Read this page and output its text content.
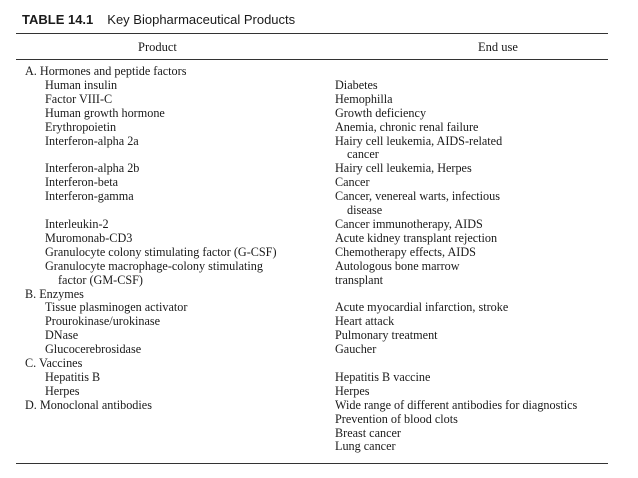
TABLE 14.1 Key Biopharmaceutical Products
Product	End use
A. Hormones and peptide factors
Human insulin	Diabetes
Factor VIII-C	Hemophilla
Human growth hormone	Growth deficiency
Erythropoietin	Anemia, chronic renal failure
Interferon-alpha 2a	Hairy cell leukemia, AIDS-related
cancer
Interferon-alpha 2b	Hairy cell leukemia, Herpes
Interferon-beta	Cancer
Interferon-gamma	Cancer, venereal warts, infectious
disease
Interleukin-2	Cancer immunotherapy, AIDS
Muromonab-CD3	Acute kidney transplant rejection
Granulocyte colony stimulating factor (G-CSF)	Chemotherapy effects, AIDS
Granulocyte macrophage-colony stimulating	Autologous bone marrow
factor (GM-CSF)	transplant
B. Enzymes
Tissue plasminogen activator	Acute myocardial infarction, stroke
Prourokinase/urokinase	Heart attack
DNase	Pulmonary treatment
Glucocerebrosidase	Gaucher
C. Vaccines
Hepatitis B	Hepatitis B vaccine
Herpes	Herpes
D. Monoclonal antibodies	Wide range of different antibodies for diagnostics
Prevention of blood clots
Breast cancer
Lung cancer
